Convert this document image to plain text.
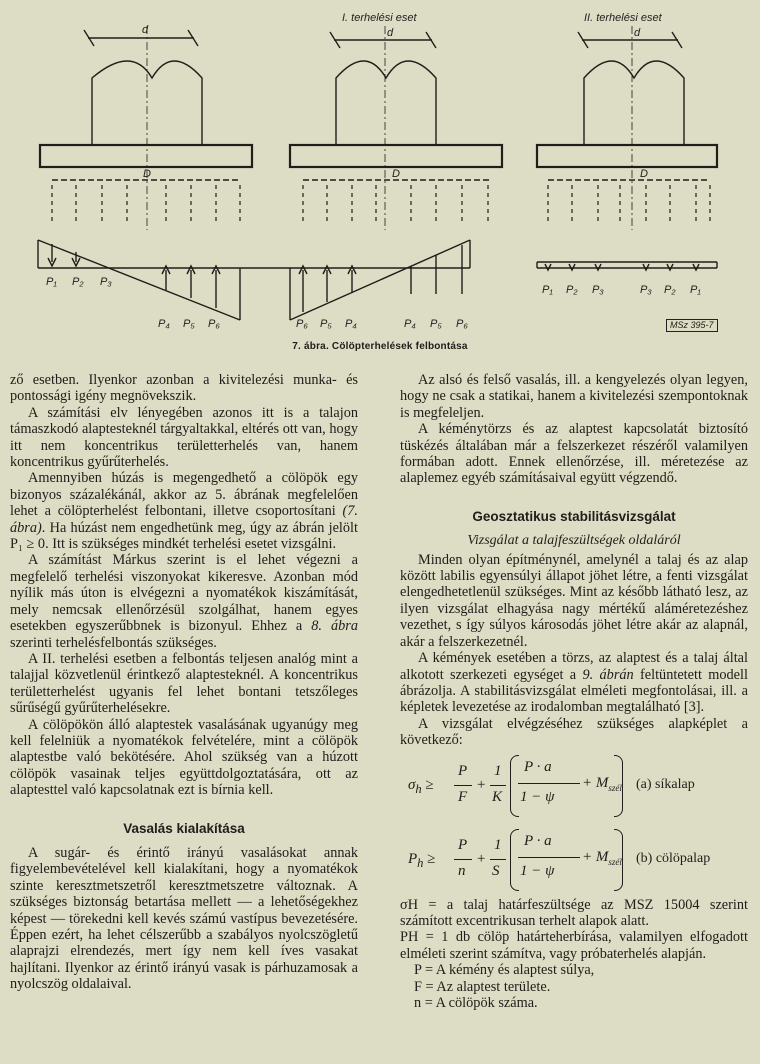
I. terhelési eset	II. terhelési eset
d	d	d
D	D	D
P₁ P₂ P₃
P₄ P₅ P₆	P₆ P₅ P₄	P₄ P₅ P₆
P₁ P₂ P₃	P₃ P₂ P₁
MSz 395-7
7. ábra. Cölöpterhelések felbontása

ző esetben. Ilyenkor azonban a kivitelezési munka- és pontossági igény megnövekszik.

A számítási elv lényegében azonos itt is a talajon támaszkodó alaptesteknél tárgyaltakkal, eltérés ott van, hogy itt nem koncentrikus területterhelés van, hanem koncentrikus gyűrűterhelés.

Amennyiben húzás is megengedhető a cölöpök egy bizonyos százalékánál, akkor az 5. ábrának megfelelően lehet a cölöpterhelést felbontani, illetve csoportosítani (7. ábra). Ha húzást nem engedhetünk meg, úgy az ábrán jelölt P₁ ≥ 0. Itt is szükséges mindkét terhelési esetet vizsgálni.

A számítást Márkus szerint is el lehet végezni a megfelelő terhelési viszonyokat kikeresve. Azonban mód nyílik más úton is elvégezni a nyomatékok kiszámítását, mely nemcsak ellenőrzésül szolgálhat, hanem egyes esetekben egyszerűbbnek is bizonyul. Ehhez a 8. ábra szerinti terhelésfelbontás szükséges.

A II. terhelési esetben a felbontás teljesen analóg mint a talajjal közvetlenül érintkező alaptesteknél. A koncentrikus területterhelést ugyanis fel lehet bontani tetszőleges sűrűségű gyűrűterhelésekre.

A cölöpökön álló alaptestek vasalásának ugyanúgy meg kell felelniük a nyomatékok felvételére, mint a cölöpök alaptestbe való bekötésére. Ahol szükség van a húzott cölöpök vasainak teljes együttdolgoztatására, ott az alaptesttel való kapcsolatnak ezt is bírnia kell.

Vasalás kialakítása

A sugár- és érintő irányú vasalásokat annak figyelembevételével kell kialakítani, hogy a nyomatékok szinte keresztmetszetről keresztmetszetre változnak. A szükséges biztonság betartása mellett — a lehetőségekhez képest — törekedni kell kevés számú vastípus bevezetésére. Éppen ezért, ha lehet célszerűbb a szabályos nyolcszögletű alaprajzi elrendezés, mert így nem kell íves vasakat hajlítani. Ilyenkor az érintő irányú vasak is párhuzamosak a nyolcszög oldalaival.

Az alsó és felső vasalás, ill. a kengyelezés olyan legyen, hogy ne csak a statikai, hanem a kivitelezési szempontoknak is megfeleljen.

A kéménytörzs és az alaptest kapcsolatát biztosító tüskézés általában már a felszerkezet részéről valamilyen formában adott. Ennek ellenőrzése, ill. méretezése az alaplemez egyéb számításaival együtt végzendő.

Geosztatikus stabilitásvizsgálat

Vizsgálat a talajfeszültségek oldaláról

Minden olyan építménynél, amelynél a talaj és az alap között labilis egyensúlyi állapot jöhet létre, a fenti vizsgálat elengedhetetlenül szükséges. Mint az később látható lesz, az ilyen vizsgálat elhagyása nagy mértékű aláméretezéshez vezethet, s így súlyos károsodás jöhet létre akár az alapnál, akár a felszerkezetnél.

A kémények esetében a törzs, az alaptest és a talaj által alkotott szerkezeti egységet a 9. ábrán feltüntetett modell ábrázolja. A stabilitásvizsgálat elméleti megfontolásai, ill. a képletek levezetése az irodalomban megtalálható [3].

A vizsgálat elvégzéséhez szükséges alapképlet a következő:

$\sigma_h$ ≥
P
F
+
1
K
P · a
1 − ψ
+ $M_{szél}$ (a) síkalap
$P_h$ ≥
P
n
+
1
S
P · a
1 − ψ
+ $M_{szél}$ (b) cölöpalap

σH = a talaj határfeszültsége az MSZ 15004 szerint számított excentrikusan terhelt alapok alatt.

PH = 1 db cölöp határteherbírása, valamilyen elfogadott elméleti szerint számítva, vagy próbaterhelés alapján.

P = A kémény és alaptest súlya,

F = Az alaptest területe.

n = A cölöpök száma.
